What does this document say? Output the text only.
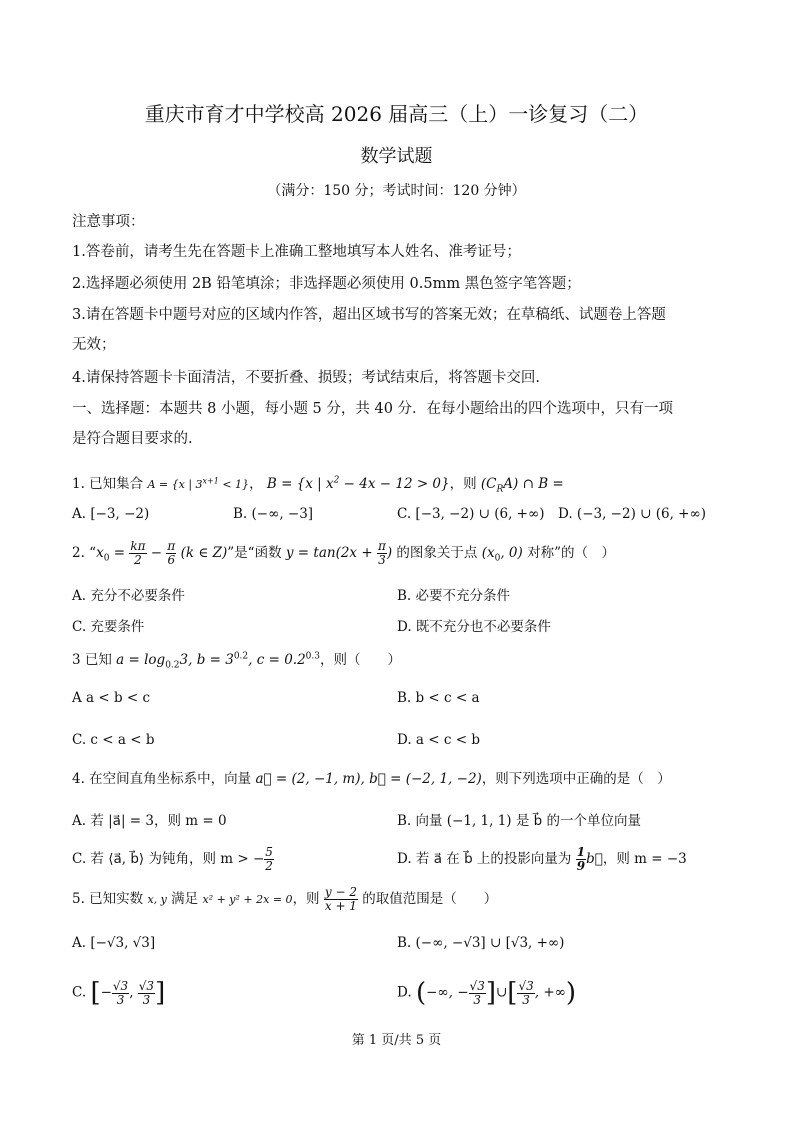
重庆市育才中学校高 2026 届高三（上）一诊复习（二）
数学试题
（满分：150 分；考试时间：120 分钟）
注意事项：
1.答卷前，请考生先在答题卡上准确工整地填写本人姓名、准考证号；
2.选择题必须使用 2B 铅笔填涂；非选择题必须使用 0.5mm 黑色签字笔答题；
3.请在答题卡中题号对应的区域内作答，超出区域书写的答案无效；在草稿纸、试题卷上答题
无效；
4.请保持答题卡卡面清洁，不要折叠、损毁；考试结束后，将答题卡交回.
一、选择题：本题共 8 小题，每小题 5 分，共 40 分．在每小题给出的四个选项中，只有一项
是符合题目要求的.
1. 已知集合 A = {x | $3^{x+1} < 1$}， B = {x | $x^2 - 4x - 12 > 0$}，则 $(C_RA)$ ∩ B =
A. [−3, −2)	B. (−∞, −3]	C. [−3, −2) ∪ (6, +∞) D. (−3, −2) ∪ (6, +∞)
2. “$x_0 = \frac{k\pi}{2} - \frac{\pi}{6} (k$ ∈ Z)”是“函数 $y = \tan(2x + \frac{\pi}{3}$ ) 的图象关于点 ($x_0$, 0) 对称”的（　）
A. 充分不必要条件	B. 必要不充分条件
C. 充要条件	D. 既不充分也不必要条件
3 已知 $a = \log_{0.2}3$, $b = 3^{0.2}$, $c = 0.2^{0.3}$，则（　　）
A a < b < c	B. b < c < a
C. c < a < b	D. a < c < b
4. 在空间直角坐标系中，向量 a⃗ = (2, −1, m), b⃗ = (−2, 1, −2)，则下列选项中正确的是（　）
A. 若 |a⃗| = 3，则 m = 0	B. 向量 (−1, 1, 1) 是 b⃗ 的一个单位向量
C. 若 ⟨a⃗, b⃗⟩ 为钝角，则 m > − $\frac{5}{2}$	D. 若 a⃗ 在 b⃗ 上的投影向量为 $\frac{1}{9}$ b⃗，则 m = −3
5. 已知实数 x, y 满足 x² + y² + 2x = 0，则 $\frac{y - 2}{x + 1}$ 的取值范围是（　　）
A. [−√3, √3]	B. (−∞, −√3] ∪ [√3, +∞)
C. [− $\frac{√3}{3}$ , $\frac{√3}{3}$ ]	D. (−∞, − $\frac{√3}{3}$ ]∪[ $\frac{√3}{3}$ , +∞)
第 1 页/共 5 页
